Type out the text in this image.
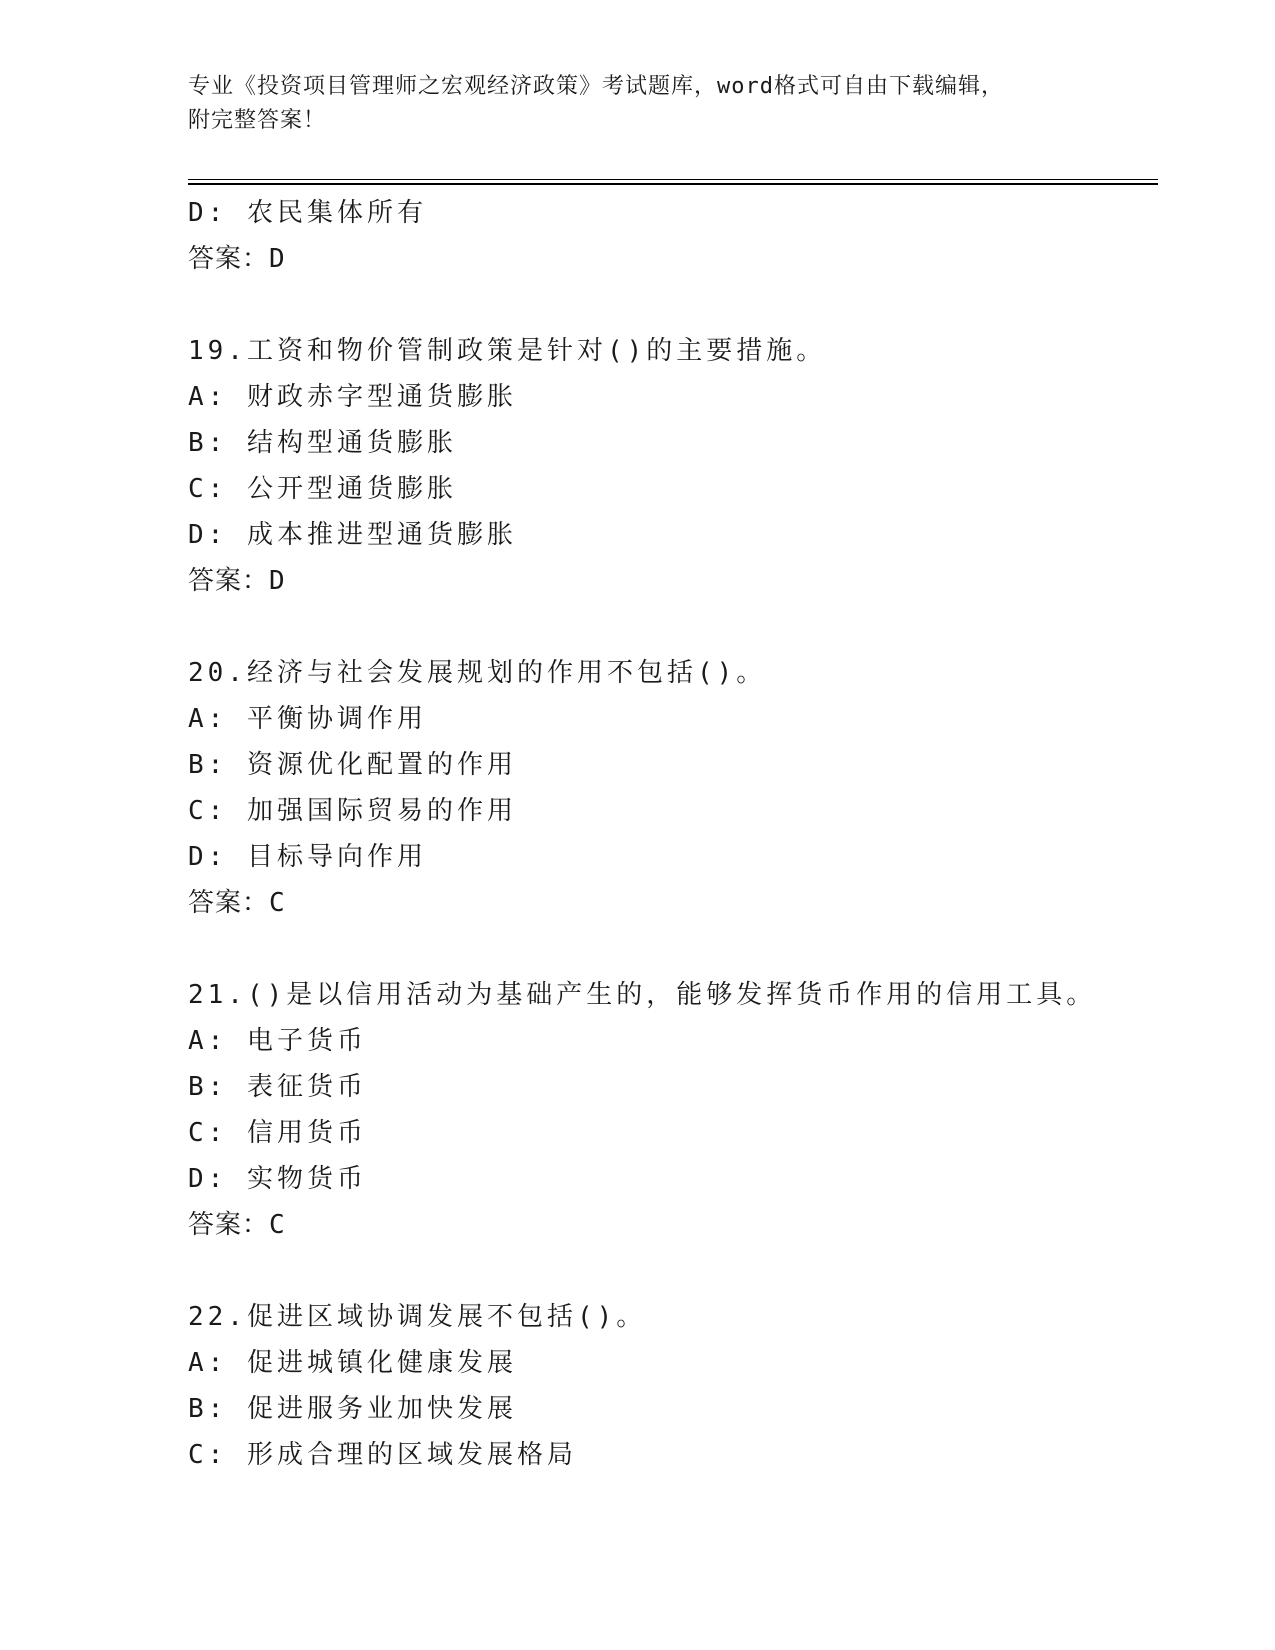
专业《投资项目管理师之宏观经济政策》考试题库，word格式可自由下载编辑，
附完整答案！
D: 农民集体所有
答案：D
19.工资和物价管制政策是针对()的主要措施。
A: 财政赤字型通货膨胀
B: 结构型通货膨胀
C: 公开型通货膨胀
D: 成本推进型通货膨胀
答案：D
20.经济与社会发展规划的作用不包括()。
A: 平衡协调作用
B: 资源优化配置的作用
C: 加强国际贸易的作用
D: 目标导向作用
答案：C
21.()是以信用活动为基础产生的，能够发挥货币作用的信用工具。
A: 电子货币
B: 表征货币
C: 信用货币
D: 实物货币
答案：C
22.促进区域协调发展不包括()。
A: 促进城镇化健康发展
B: 促进服务业加快发展
C: 形成合理的区域发展格局
